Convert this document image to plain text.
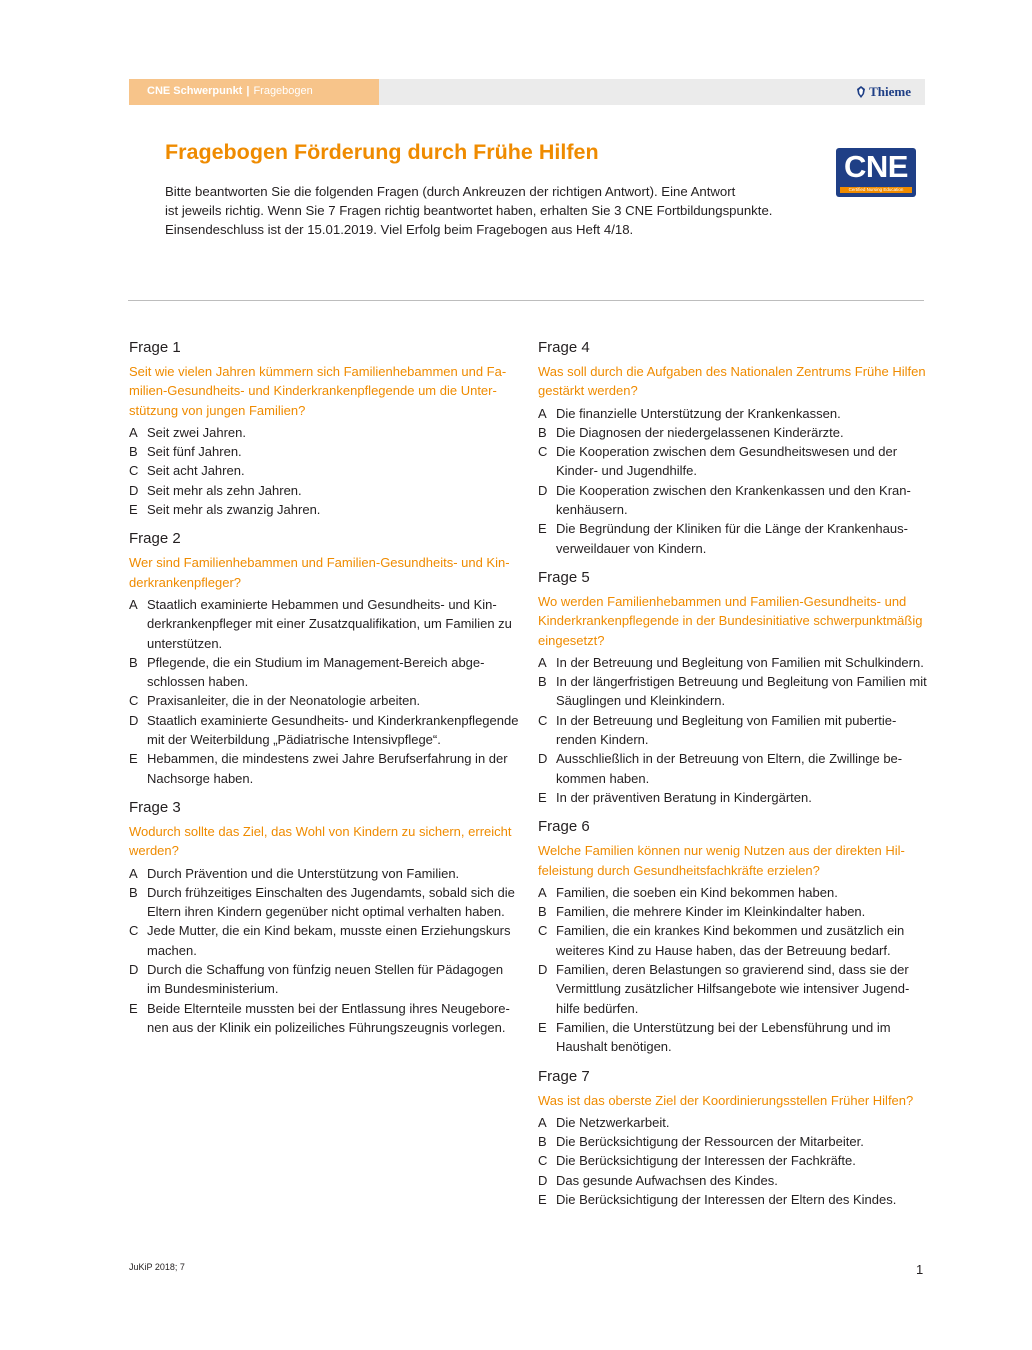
CNE Schwerpunkt | Fragebogen	Thieme
Fragebogen Förderung durch Frühe Hilfen

Bitte beantworten Sie die folgenden Fragen (durch Ankreuzen der richtigen Antwort). Eine Antwort

ist jeweils richtig. Wenn Sie 7 Fragen richtig beantwortet haben, erhalten Sie 3 CNE Fortbildungspunkte.

Einsendeschluss ist der 15.01.2019. Viel Erfolg beim Fragebogen aus Heft 4/18.

CNE
Certified Nursing Education
Frage 1
Seit wie vielen Jahren kümmern sich Familienhebammen und Familien-Gesundheits- und Kinderkrankenpflegende um die Unterstützung von jungen Familien?
A Seit zwei Jahren.
B Seit fünf Jahren.
C Seit acht Jahren.
D Seit mehr als zehn Jahren.
E Seit mehr als zwanzig Jahren.
Frage 2
Wer sind Familienhebammen und Familien-Gesundheits- und Kinderkrankenpfleger?
A Staatlich examinierte Hebammen und Gesundheits- und Kinderkrankenpfleger mit einer Zusatzqualifikation, um Familien zu unterstützen.
B Pflegende, die ein Studium im Management-Bereich abgeschlossen haben.
C Praxisanleiter, die in der Neonatologie arbeiten.
D Staatlich examinierte Gesundheits- und Kinderkrankenpflegende mit der Weiterbildung „Pädiatrische Intensivpflege“.
E Hebammen, die mindestens zwei Jahre Berufserfahrung in der Nachsorge haben.
Frage 3
Wodurch sollte das Ziel, das Wohl von Kindern zu sichern, erreicht werden?
A Durch Prävention und die Unterstützung von Familien.
B Durch frühzeitiges Einschalten des Jugendamts, sobald sich die Eltern ihren Kindern gegenüber nicht optimal verhalten haben.
C Jede Mutter, die ein Kind bekam, musste einen Erziehungskurs machen.
D Durch die Schaffung von fünfzig neuen Stellen für Pädagogen im Bundesministerium.
E Beide Elternteile mussten bei der Entlassung ihres Neugeborenen aus der Klinik ein polizeiliches Führungszeugnis vorlegen.
Frage 4
Was soll durch die Aufgaben des Nationalen Zentrums Frühe Hilfen gestärkt werden?
A Die finanzielle Unterstützung der Krankenkassen.
B Die Diagnosen der niedergelassenen Kinderärzte.
C Die Kooperation zwischen dem Gesundheitswesen und der Kinder- und Jugendhilfe.
D Die Kooperation zwischen den Krankenkassen und den Krankenhäusern.
E Die Begründung der Kliniken für die Länge der Krankenhausverweildauer von Kindern.
Frage 5
Wo werden Familienhebammen und Familien-Gesundheits- und Kinderkrankenpflegende in der Bundesinitiative schwerpunktmäßig eingesetzt?
A In der Betreuung und Begleitung von Familien mit Schulkindern.
B In der längerfristigen Betreuung und Begleitung von Familien mit Säuglingen und Kleinkindern.
C In der Betreuung und Begleitung von Familien mit pubertierenden Kindern.
D Ausschließlich in der Betreuung von Eltern, die Zwillinge bekommen haben.
E In der präventiven Beratung in Kindergärten.
Frage 6
Welche Familien können nur wenig Nutzen aus der direkten Hilfeleistung durch Gesundheitsfachkräfte erzielen?
A Familien, die soeben ein Kind bekommen haben.
B Familien, die mehrere Kinder im Kleinkindalter haben.
C Familien, die ein krankes Kind bekommen und zusätzlich ein weiteres Kind zu Hause haben, das der Betreuung bedarf.
D Familien, deren Belastungen so gravierend sind, dass sie der Vermittlung zusätzlicher Hilfsangebote wie intensiver Jugendhilfe bedürfen.
E Familien, die Unterstützung bei der Lebensführung und im Haushalt benötigen.
Frage 7
Was ist das oberste Ziel der Koordinierungsstellen Früher Hilfen?
A Die Netzwerkarbeit.
B Die Berücksichtigung der Ressourcen der Mitarbeiter.
C Die Berücksichtigung der Interessen der Fachkräfte.
D Das gesunde Aufwachsen des Kindes.
E Die Berücksichtigung der Interessen der Eltern des Kindes.
JuKiP 2018; 7	1
